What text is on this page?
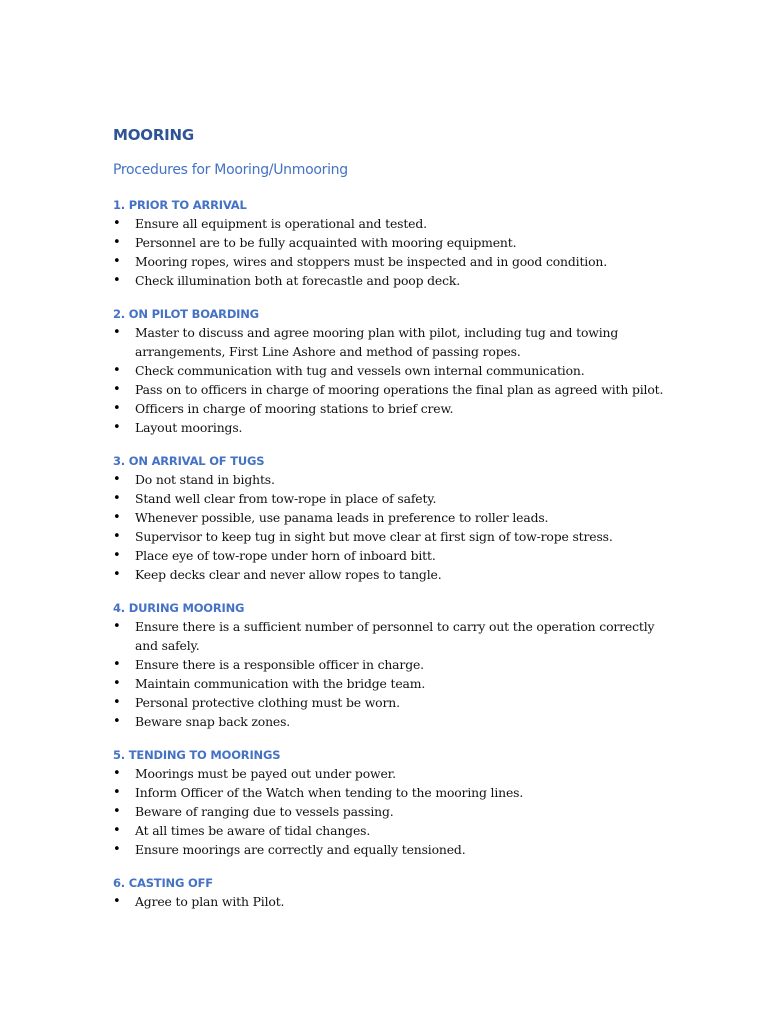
MOORING
Procedures for Mooring/Unmooring
1. PRIOR TO ARRIVAL
•	Ensure all equipment is operational and tested.
•	Personnel are to be fully acquainted with mooring equipment.
•	Mooring ropes, wires and stoppers must be inspected and in good condition.
•	Check illumination both at forecastle and poop deck.
2. ON PILOT BOARDING
•	Master to discuss and agree mooring plan with pilot, including tug and towing arrangements, First Line Ashore and method of passing ropes.
•	Check communication with tug and vessels own internal communication.
•	Pass on to officers in charge of mooring operations the final plan as agreed with pilot.
•	Officers in charge of mooring stations to brief crew.
•	Layout moorings.
3. ON ARRIVAL OF TUGS
•	Do not stand in bights.
•	Stand well clear from tow-rope in place of safety.
•	Whenever possible, use panama leads in preference to roller leads.
•	Supervisor to keep tug in sight but move clear at first sign of tow-rope stress.
•	Place eye of tow-rope under horn of inboard bitt.
•	Keep decks clear and never allow ropes to tangle.
4. DURING MOORING
•	Ensure there is a sufficient number of personnel to carry out the operation correctly and safely.
•	Ensure there is a responsible officer in charge.
•	Maintain communication with the bridge team.
•	Personal protective clothing must be worn.
•	Beware snap back zones.
5. TENDING TO MOORINGS
•	Moorings must be payed out under power.
•	Inform Officer of the Watch when tending to the mooring lines.
•	Beware of ranging due to vessels passing.
•	At all times be aware of tidal changes.
•	Ensure moorings are correctly and equally tensioned.
6. CASTING OFF
•	Agree to plan with Pilot.
